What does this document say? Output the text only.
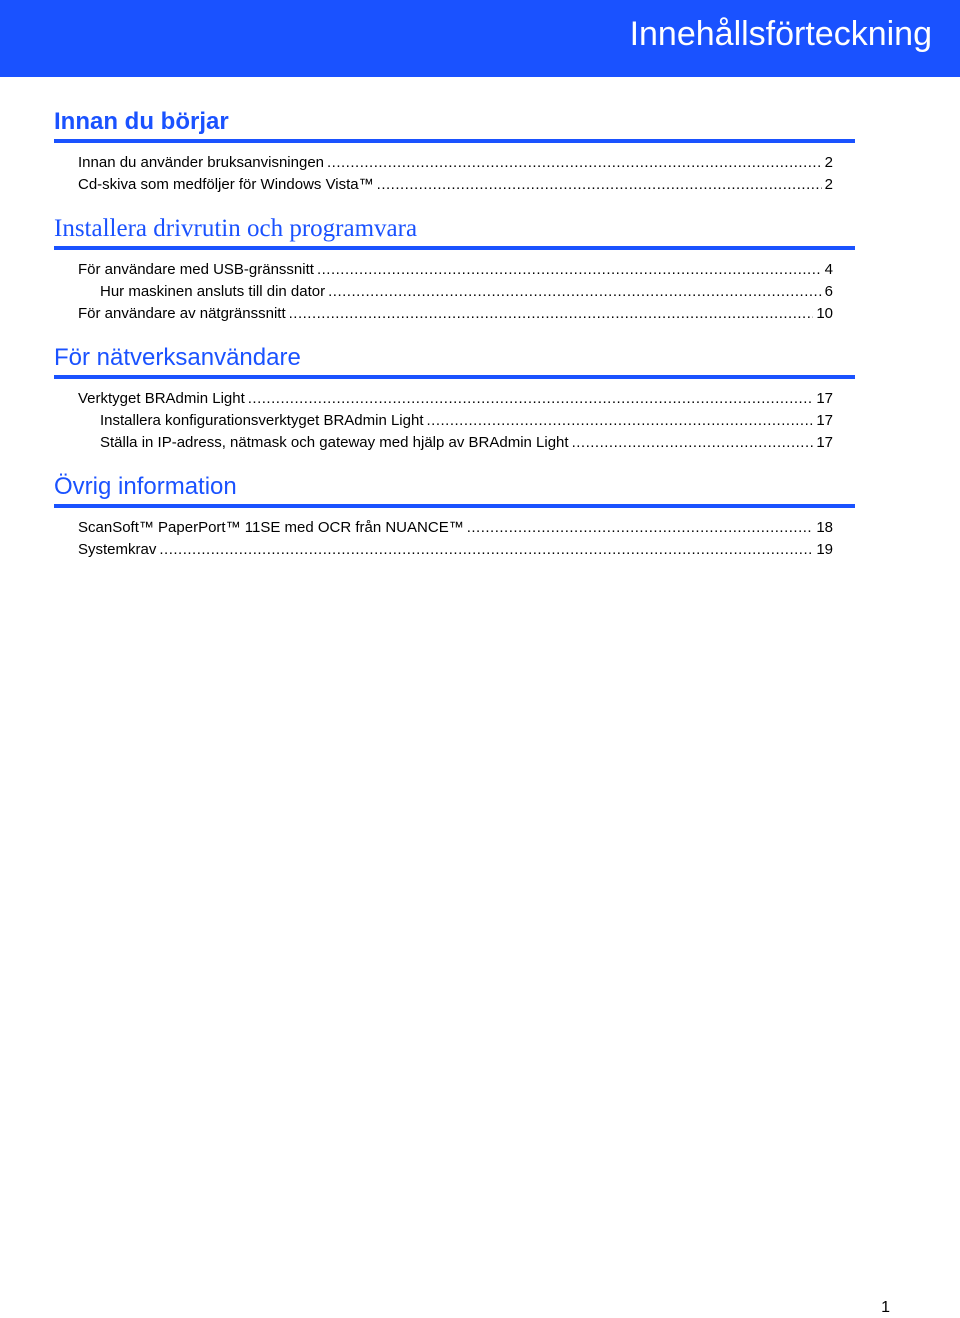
Innehållsförteckning
Innan du börjar
Innan du använder bruksanvisningen .....	2
Cd-skiva som medföljer för Windows Vista™ .....	2
Installera drivrutin och programvara
För användare med USB-gränssnitt .....	4
Hur maskinen ansluts till din dator .....	6
För användare av nätgränssnitt .....	10
För nätverksanvändare
Verktyget BRAdmin Light .....	17
Installera konfigurationsverktyget BRAdmin Light .....	17
Ställa in IP-adress, nätmask och gateway med hjälp av BRAdmin Light .....	17
Övrig information
ScanSoft™ PaperPort™ 11SE med OCR från NUANCE™ .....	18
Systemkrav .....	19
1
